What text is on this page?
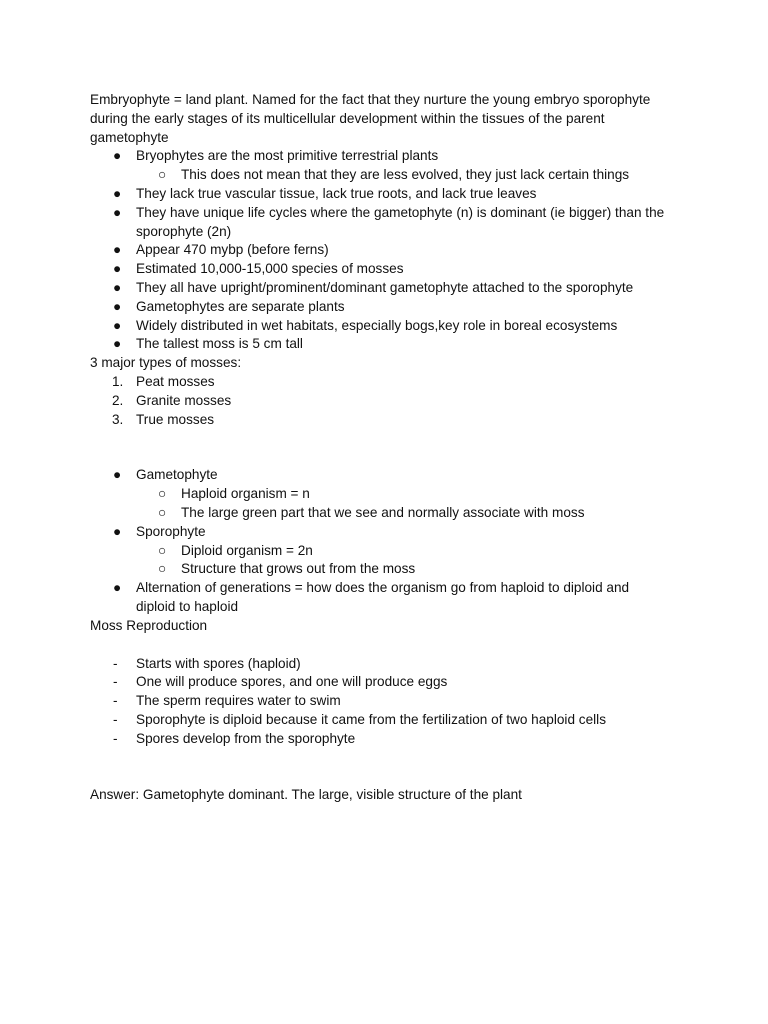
Embryophyte = land plant. Named for the fact that they nurture the young embryo sporophyte
during the early stages of its multicellular development within the tissues of the parent
gametophyte
● Bryophytes are the most primitive terrestrial plants
○ This does not mean that they are less evolved, they just lack certain things
● They lack true vascular tissue, lack true roots, and lack true leaves
● They have unique life cycles where the gametophyte (n) is dominant (ie bigger) than the
sporophyte (2n)
● Appear 470 mybp (before ferns)
● Estimated 10,000-15,000 species of mosses
● They all have upright/prominent/dominant gametophyte attached to the sporophyte
● Gametophytes are separate plants
● Widely distributed in wet habitats, especially bogs,key role in boreal ecosystems
● The tallest moss is 5 cm tall
3 major types of mosses:
1. Peat mosses
2. Granite mosses
3. True mosses
● Gametophyte
○ Haploid organism = n
○ The large green part that we see and normally associate with moss
● Sporophyte
○ Diploid organism = 2n
○ Structure that grows out from the moss
● Alternation of generations = how does the organism go from haploid to diploid and
diploid to haploid
Moss Reproduction
- Starts with spores (haploid)
- One will produce spores, and one will produce eggs
- The sperm requires water to swim
- Sporophyte is diploid because it came from the fertilization of two haploid cells
- Spores develop from the sporophyte
Answer: Gametophyte dominant. The large, visible structure of the plant
